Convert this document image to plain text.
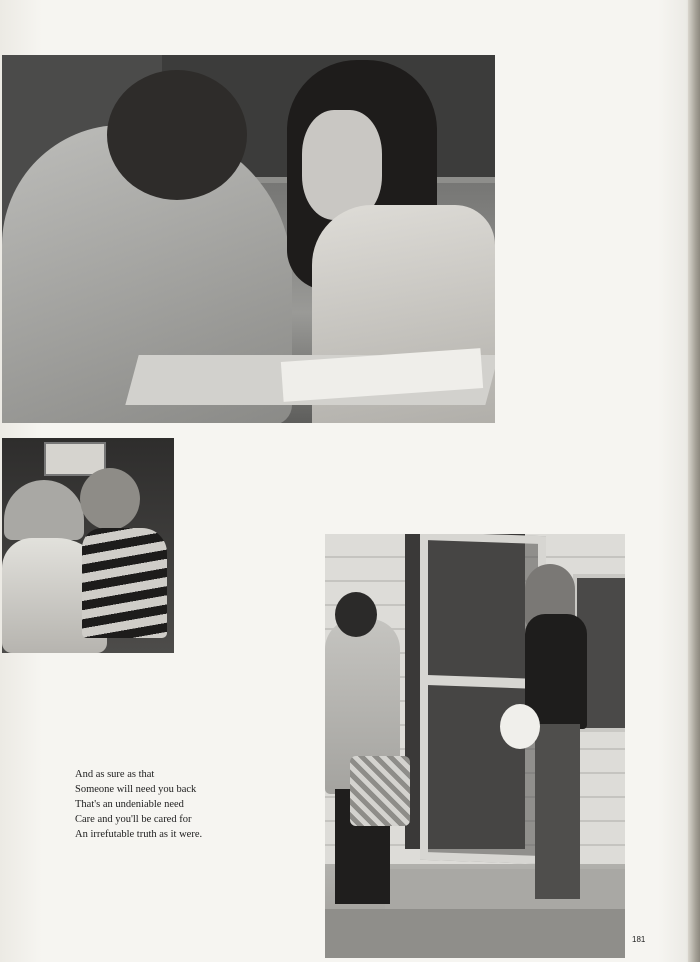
And as sure as that
Someone will need you back
That's an undeniable need
Care and you'll be cared for
An irrefutable truth as it were.
181
